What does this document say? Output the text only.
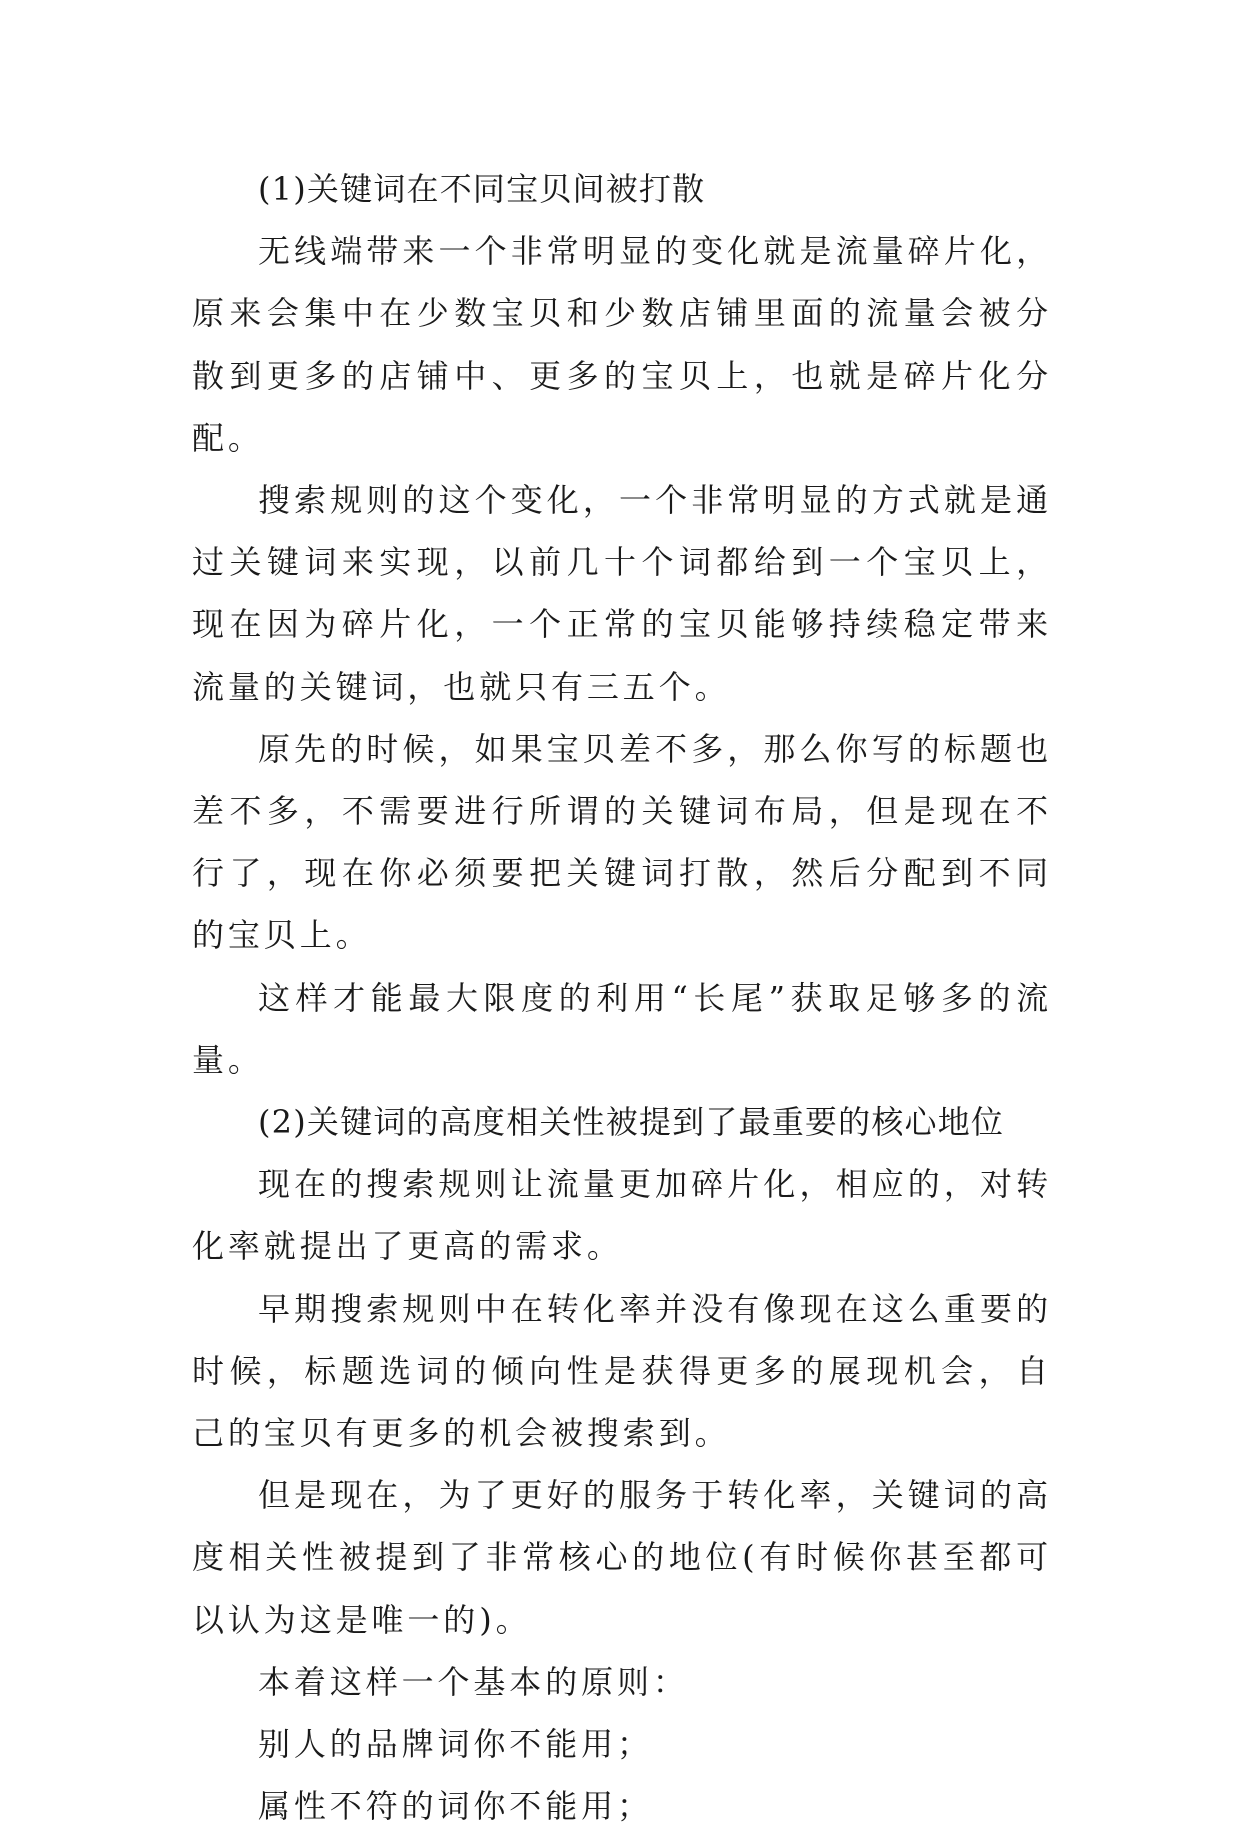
(1)关键词在不同宝贝间被打散

无线端带来一个非常明显的变化就是流量碎片化，原来会集中在少数宝贝和少数店铺里面的流量会被分散到更多的店铺中、更多的宝贝上，也就是碎片化分配。

搜索规则的这个变化，一个非常明显的方式就是通过关键词来实现，以前几十个词都给到一个宝贝上，现在因为碎片化，一个正常的宝贝能够持续稳定带来流量的关键词，也就只有三五个。

原先的时候，如果宝贝差不多，那么你写的标题也差不多，不需要进行所谓的关键词布局，但是现在不行了，现在你必须要把关键词打散，然后分配到不同的宝贝上。

这样才能最大限度的利用“长尾”获取足够多的流量。

(2)关键词的高度相关性被提到了最重要的核心地位

现在的搜索规则让流量更加碎片化，相应的，对转化率就提出了更高的需求。

早期搜索规则中在转化率并没有像现在这么重要的时候，标题选词的倾向性是获得更多的展现机会，自己的宝贝有更多的机会被搜索到。

但是现在，为了更好的服务于转化率，关键词的高度相关性被提到了非常核心的地位(有时候你甚至都可以认为这是唯一的)。

本着这样一个基本的原则：

别人的品牌词你不能用；

属性不符的词你不能用；
